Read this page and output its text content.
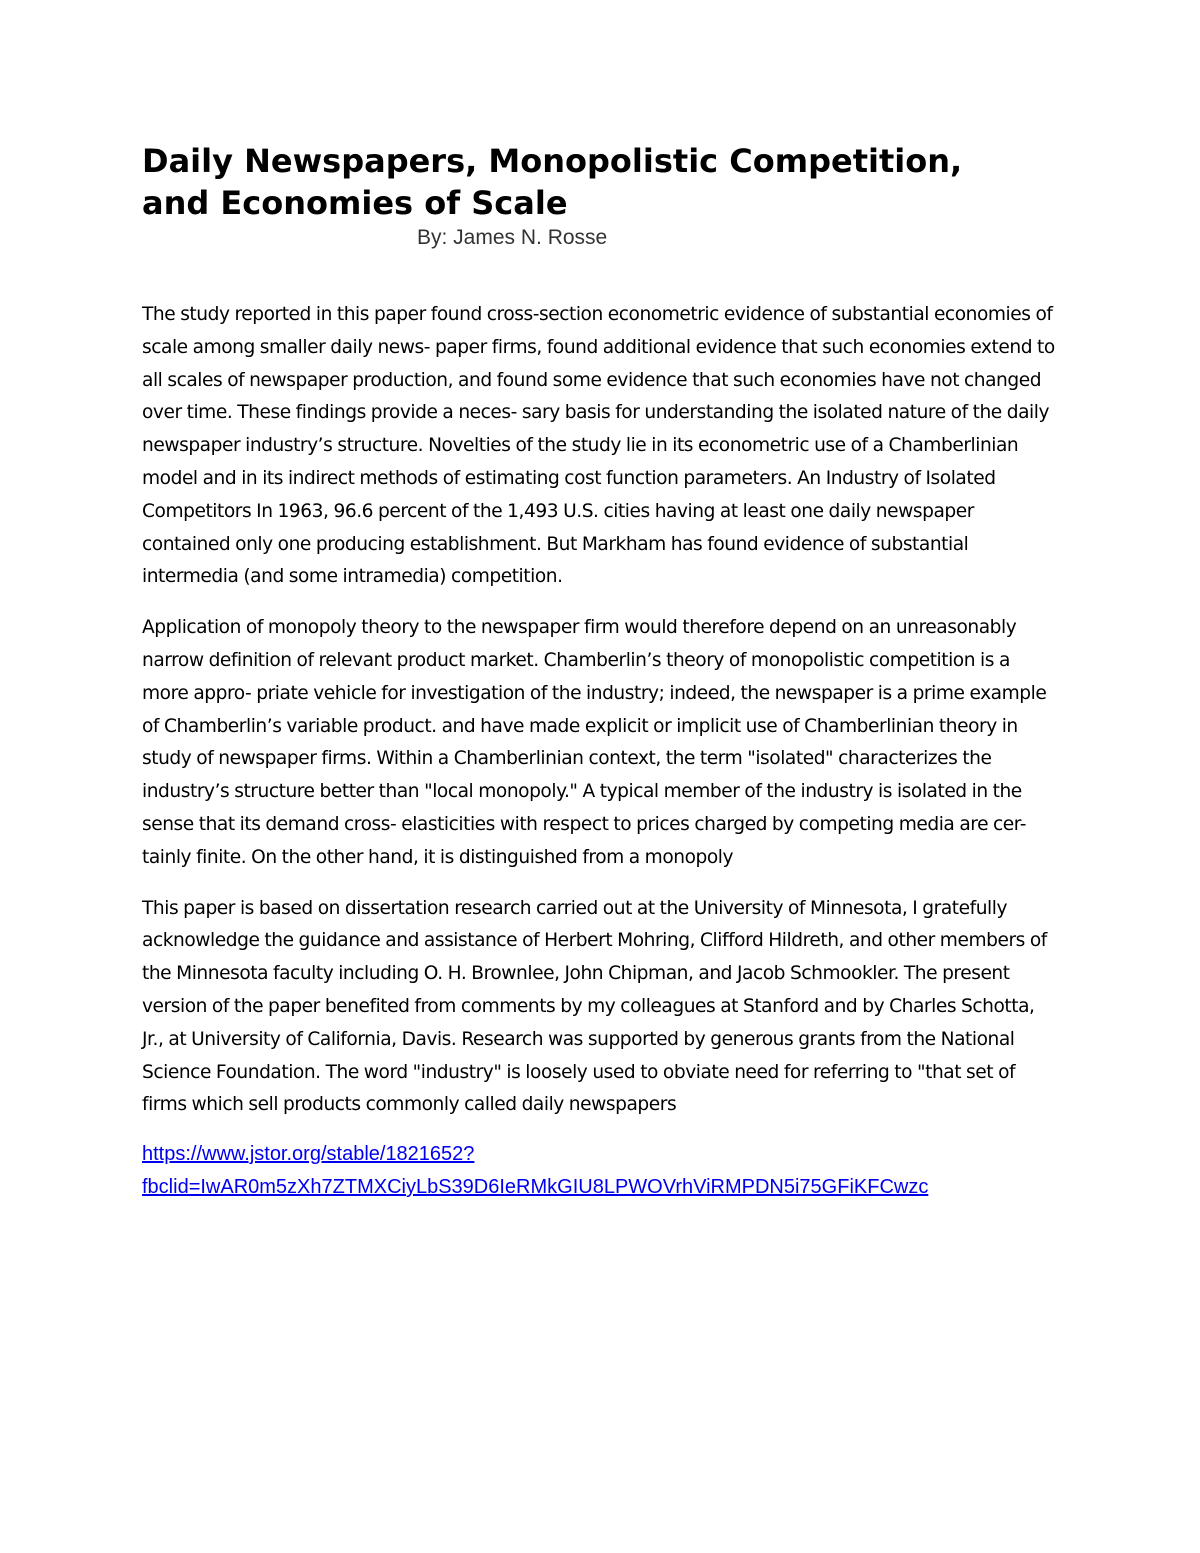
Daily Newspapers, Monopolistic Competition,
and Economies of Scale

By: James N. Rosse

The study reported in this paper found cross-section econometric evidence of substantial economies of scale among smaller daily news- paper firms, found additional evidence that such economies extend to all scales of newspaper production, and found some evidence that such economies have not changed over time. These findings provide a neces- sary basis for understanding the isolated nature of the daily newspaper industry’s structure. Novelties of the study lie in its econometric use of a Chamberlinian model and in its indirect methods of estimating cost function parameters. An Industry of Isolated Competitors In 1963, 96.6 percent of the 1,493 U.S. cities having at least one daily newspaper contained only one producing establishment. But Markham has found evidence of substantial intermedia (and some intramedia) competition.

Application of monopoly theory to the newspaper firm would therefore depend on an unreasonably narrow definition of relevant product market. Chamberlin’s theory of monopolistic competition is a more appro- priate vehicle for investigation of the industry; indeed, the newspaper is a prime example of Chamberlin’s variable product. and have made explicit or implicit use of Chamberlinian theory in study of newspaper firms. Within a Chamberlinian context, the term "isolated" characterizes the industry’s structure better than "local monopoly." A typical member of the industry is isolated in the sense that its demand cross- elasticities with respect to prices charged by competing media are cer- tainly finite. On the other hand, it is distinguished from a monopoly

This paper is based on dissertation research carried out at the University of Minnesota, I gratefully acknowledge the guidance and assistance of Herbert Mohring, Clifford Hildreth, and other members of the Minnesota faculty including O. H. Brownlee, John Chipman, and Jacob Schmookler. The present version of the paper benefited from comments by my colleagues at Stanford and by Charles Schotta, Jr., at University of California, Davis. Research was supported by generous grants from the National Science Foundation. The word "industry" is loosely used to obviate need for referring to "that set of firms which sell products commonly called daily newspapers

https://www.jstor.org/stable/1821652?
fbclid=IwAR0m5zXh7ZTMXCiyLbS39D6IeRMkGIU8LPWOVrhViRMPDN5i75GFiKFCwzc
